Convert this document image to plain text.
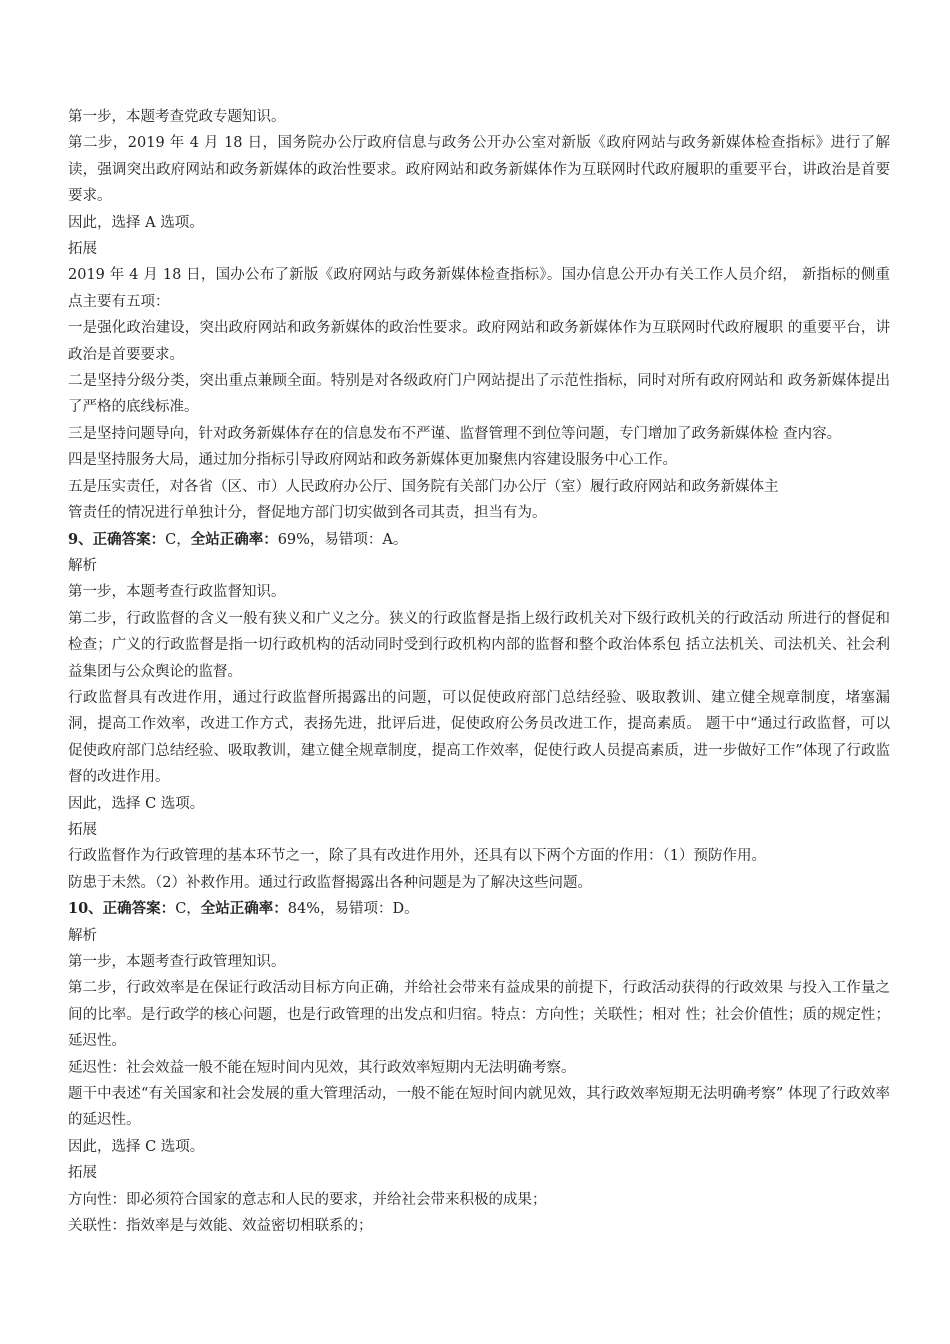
第一步，本题考查党政专题知识。

第二步，2019 年 4 月 18 日，国务院办公厅政府信息与政务公开办公室对新版《政府网站与政务新媒体检查指标》进行了解读，强调突出政府网站和政务新媒体的政治性要求。政府网站和政务新媒体作为互联网时代政府履职的重要平台，讲政治是首要要求。

因此，选择 A 选项。

拓展

2019 年 4 月 18 日，国办公布了新版《政府网站与政务新媒体检查指标》。国办信息公开办有关工作人员介绍， 新指标的侧重点主要有五项：

一是强化政治建设，突出政府网站和政务新媒体的政治性要求。政府网站和政务新媒体作为互联网时代政府履职 的重要平台，讲政治是首要要求。

二是坚持分级分类，突出重点兼顾全面。特别是对各级政府门户网站提出了示范性指标，同时对所有政府网站和 政务新媒体提出了严格的底线标准。

三是坚持问题导向，针对政务新媒体存在的信息发布不严谨、监督管理不到位等问题，专门增加了政务新媒体检 查内容。

四是坚持服务大局，通过加分指标引导政府网站和政务新媒体更加聚焦内容建设服务中心工作。

五是压实责任，对各省（区、市）人民政府办公厅、国务院有关部门办公厅（室）履行政府网站和政务新媒体主

管责任的情况进行单独计分，督促地方部门切实做到各司其责，担当有为。

9、正确答案：C，全站正确率：69%，易错项：A。

解析

第一步，本题考查行政监督知识。

第二步，行政监督的含义一般有狭义和广义之分。狭义的行政监督是指上级行政机关对下级行政机关的行政活动 所进行的督促和检查；广义的行政监督是指一切行政机构的活动同时受到行政机构内部的监督和整个政治体系包 括立法机关、司法机关、社会利益集团与公众舆论的监督。

行政监督具有改进作用，通过行政监督所揭露出的问题，可以促使政府部门总结经验、吸取教训、建立健全规章制度，堵塞漏洞，提高工作效率，改进工作方式，表扬先进，批评后进，促使政府公务员改进工作，提高素质。 题干中“通过行政监督，可以促使政府部门总结经验、吸取教训，建立健全规章制度，提高工作效率，促使行政人员提高素质，进一步做好工作”体现了行政监督的改进作用。

因此，选择 C 选项。

拓展

行政监督作为行政管理的基本环节之一，除了具有改进作用外，还具有以下两个方面的作用：（1）预防作用。

防患于未然。（2）补救作用。通过行政监督揭露出各种问题是为了解决这些问题。

10、正确答案：C，全站正确率：84%，易错项：D。

解析

第一步，本题考查行政管理知识。

第二步，行政效率是在保证行政活动目标方向正确，并给社会带来有益成果的前提下，行政活动获得的行政效果 与投入工作量之间的比率。是行政学的核心问题，也是行政管理的出发点和归宿。特点：方向性；关联性；相对 性；社会价值性；质的规定性；延迟性。

延迟性：社会效益一般不能在短时间内见效，其行政效率短期内无法明确考察。

题干中表述“有关国家和社会发展的重大管理活动，一般不能在短时间内就见效，其行政效率短期无法明确考察” 体现了行政效率的延迟性。

因此，选择 C 选项。

拓展

方向性：即必须符合国家的意志和人民的要求，并给社会带来积极的成果；

关联性：指效率是与效能、效益密切相联系的；
